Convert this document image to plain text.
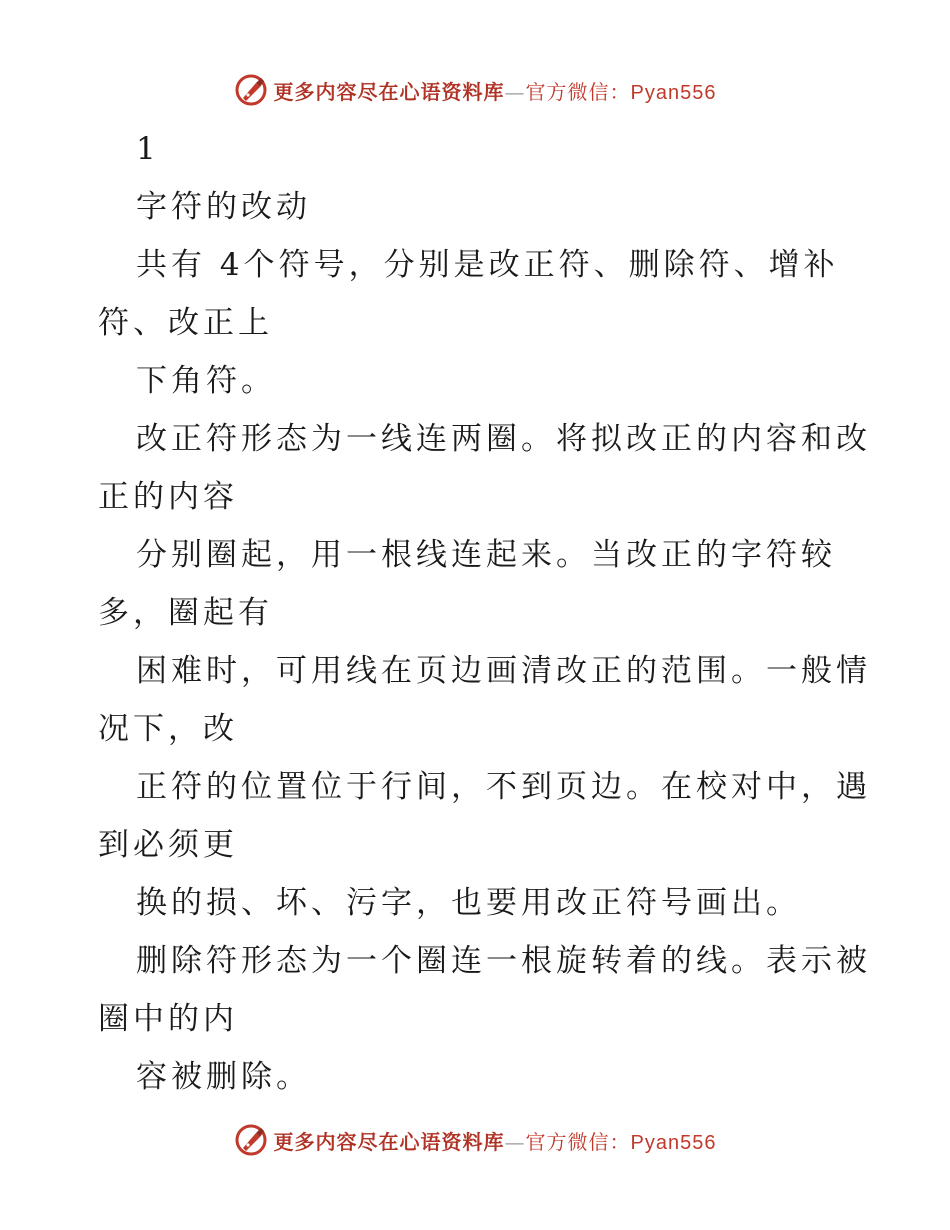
更多内容尽在心语资料库—官方微信：Pyan556
1
字符的改动
共有 4个符号，分别是改正符、删除符、增补
符、改正上
下角符。
改正符形态为一线连两圈。将拟改正的内容和改
正的内容
分别圈起，用一根线连起来。当改正的字符较
多，圈起有
困难时，可用线在页边画清改正的范围。一般情
况下，改
正符的位置位于行间，不到页边。在校对中，遇
到必须更
换的损、坏、污字，也要用改正符号画出。
删除符形态为一个圈连一根旋转着的线。表示被
圈中的内
容被删除。
更多内容尽在心语资料库—官方微信：Pyan556
